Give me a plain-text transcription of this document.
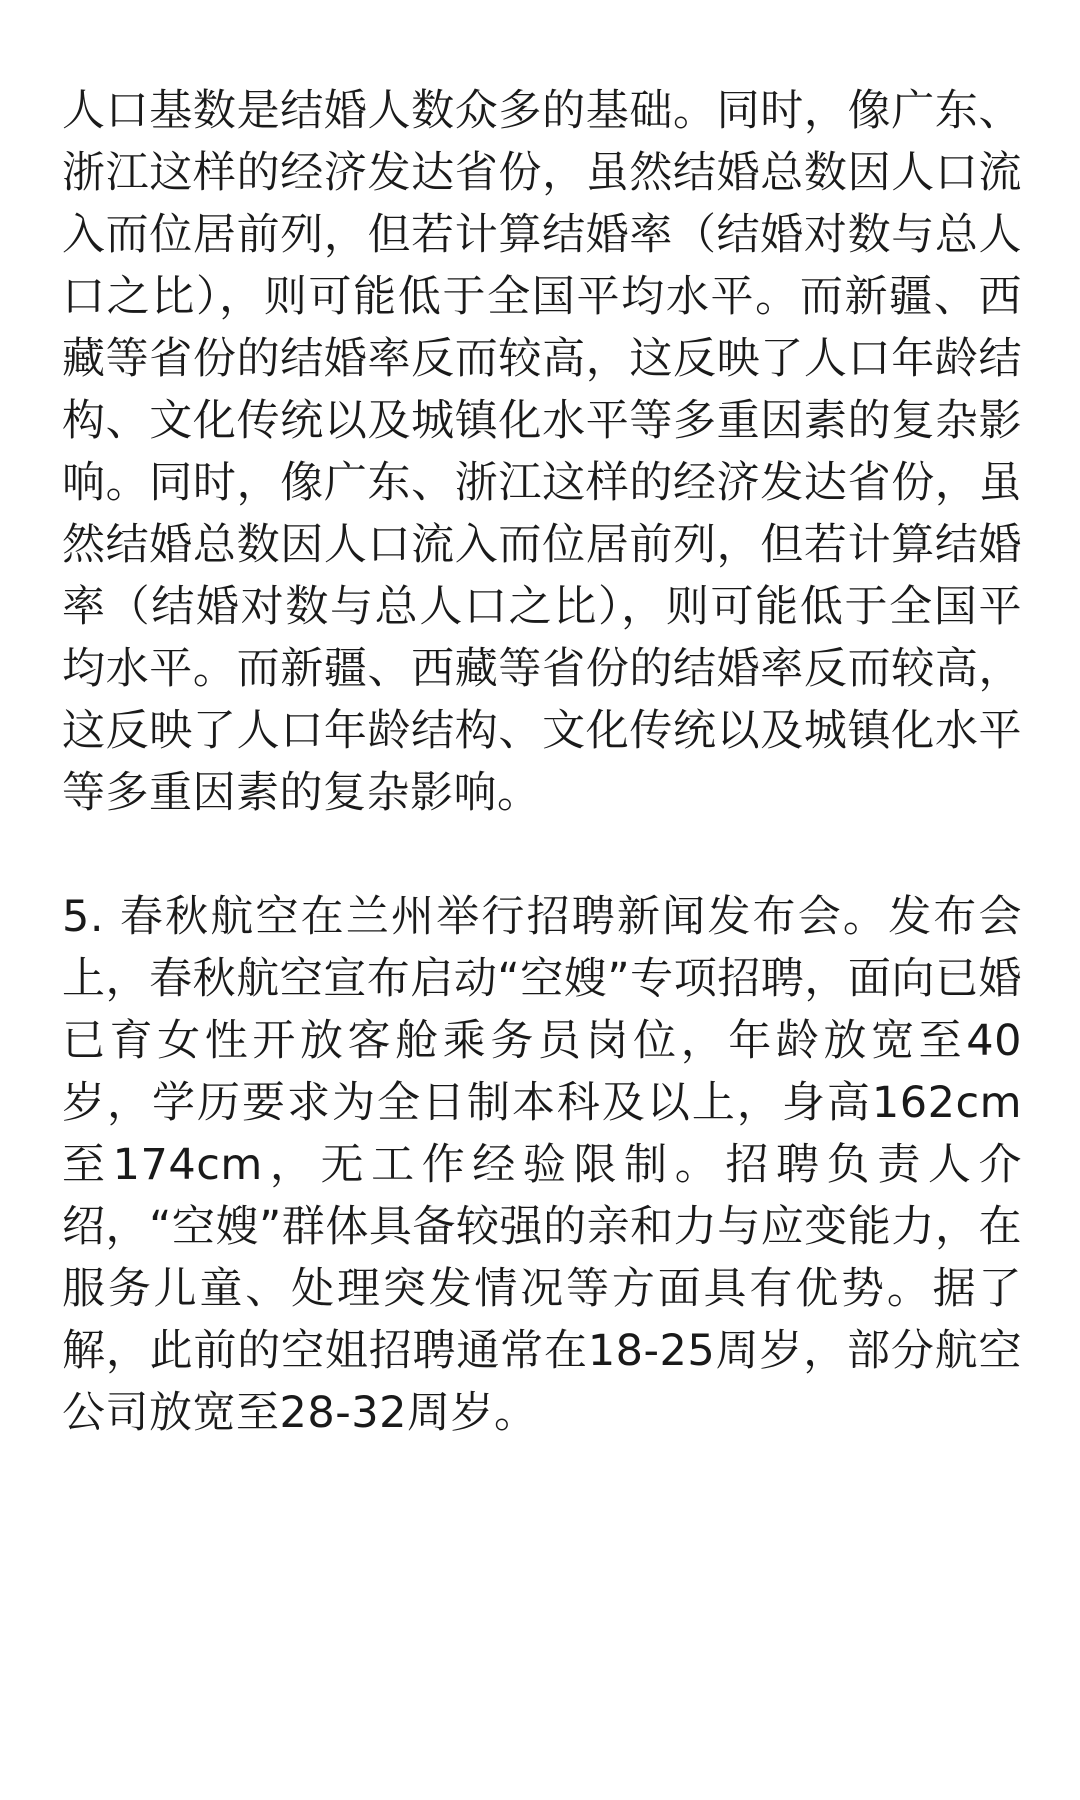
人口基数是结婚人数众多的基础。同时，像广东、浙江这样的经济发达省份，虽然结婚总数因人口流入而位居前列，但若计算结婚率（结婚对数与总人口之比），则可能低于全国平均水平。而新疆、西藏等省份的结婚率反而较高，这反映了人口年龄结构、文化传统以及城镇化水平等多重因素的复杂影响。同时，像广东、浙江这样的经济发达省份，虽然结婚总数因人口流入而位居前列，但若计算结婚率（结婚对数与总人口之比），则可能低于全国平均水平。而新疆、西藏等省份的结婚率反而较高，这反映了人口年龄结构、文化传统以及城镇化水平等多重因素的复杂影响。

5. 春秋航空在兰州举行招聘新闻发布会。发布会上，春秋航空宣布启动“空嫂”专项招聘，面向已婚已育女性开放客舱乘务员岗位，年龄放宽至40岁，学历要求为全日制本科及以上，身高162cm至174cm，无工作经验限制。招聘负责人介绍，“空嫂”群体具备较强的亲和力与应变能力，在服务儿童、处理突发情况等方面具有优势。据了解，此前的空姐招聘通常在18-25周岁，部分航空公司放宽至28-32周岁。
